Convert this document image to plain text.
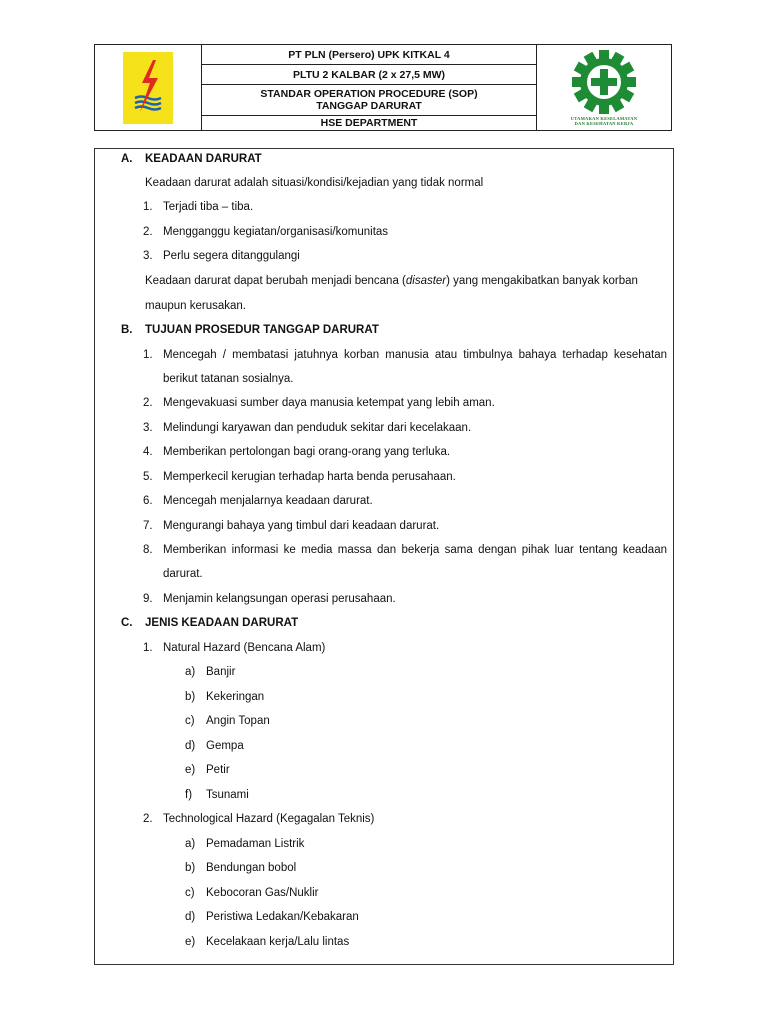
PT PLN (Persero) UPK KITKAL 4
PLTU 2 KALBAR (2 x 27,5 MW)
STANDAR OPERATION PROCEDURE (SOP)
TANGGAP DARURAT
HSE DEPARTMENT	UTAMAKAN KESELAMATAN
DAN KESEHATAN KERJA
A. KEADAAN DARURAT
Keadaan darurat adalah situasi/kondisi/kejadian yang tidak normal
1. Terjadi tiba – tiba.
2. Mengganggu kegiatan/organisasi/komunitas
3. Perlu segera ditanggulangi
Keadaan darurat dapat berubah menjadi bencana (disaster) yang mengakibatkan banyak korban
maupun kerusakan.
B. TUJUAN PROSEDUR TANGGAP DARURAT
1. Mencegah / membatasi jatuhnya korban manusia atau timbulnya bahaya terhadap kesehatan
berikut tatanan sosialnya.
2. Mengevakuasi sumber daya manusia ketempat yang lebih aman.
3. Melindungi karyawan dan penduduk sekitar dari kecelakaan.
4. Memberikan pertolongan bagi orang-orang yang terluka.
5. Memperkecil kerugian terhadap harta benda perusahaan.
6. Mencegah menjalarnya keadaan darurat.
7. Mengurangi bahaya yang timbul dari keadaan darurat.
8. Memberikan informasi ke media massa dan bekerja sama dengan pihak luar tentang keadaan
darurat.
9. Menjamin kelangsungan operasi perusahaan.
C. JENIS KEADAAN DARURAT
1. Natural Hazard (Bencana Alam)
a) Banjir
b) Kekeringan
c) Angin Topan
d) Gempa
e) Petir
f) Tsunami
2. Technological Hazard (Kegagalan Teknis)
a) Pemadaman Listrik
b) Bendungan bobol
c) Kebocoran Gas/Nuklir
d) Peristiwa Ledakan/Kebakaran
e) Kecelakaan kerja/Lalu lintas
